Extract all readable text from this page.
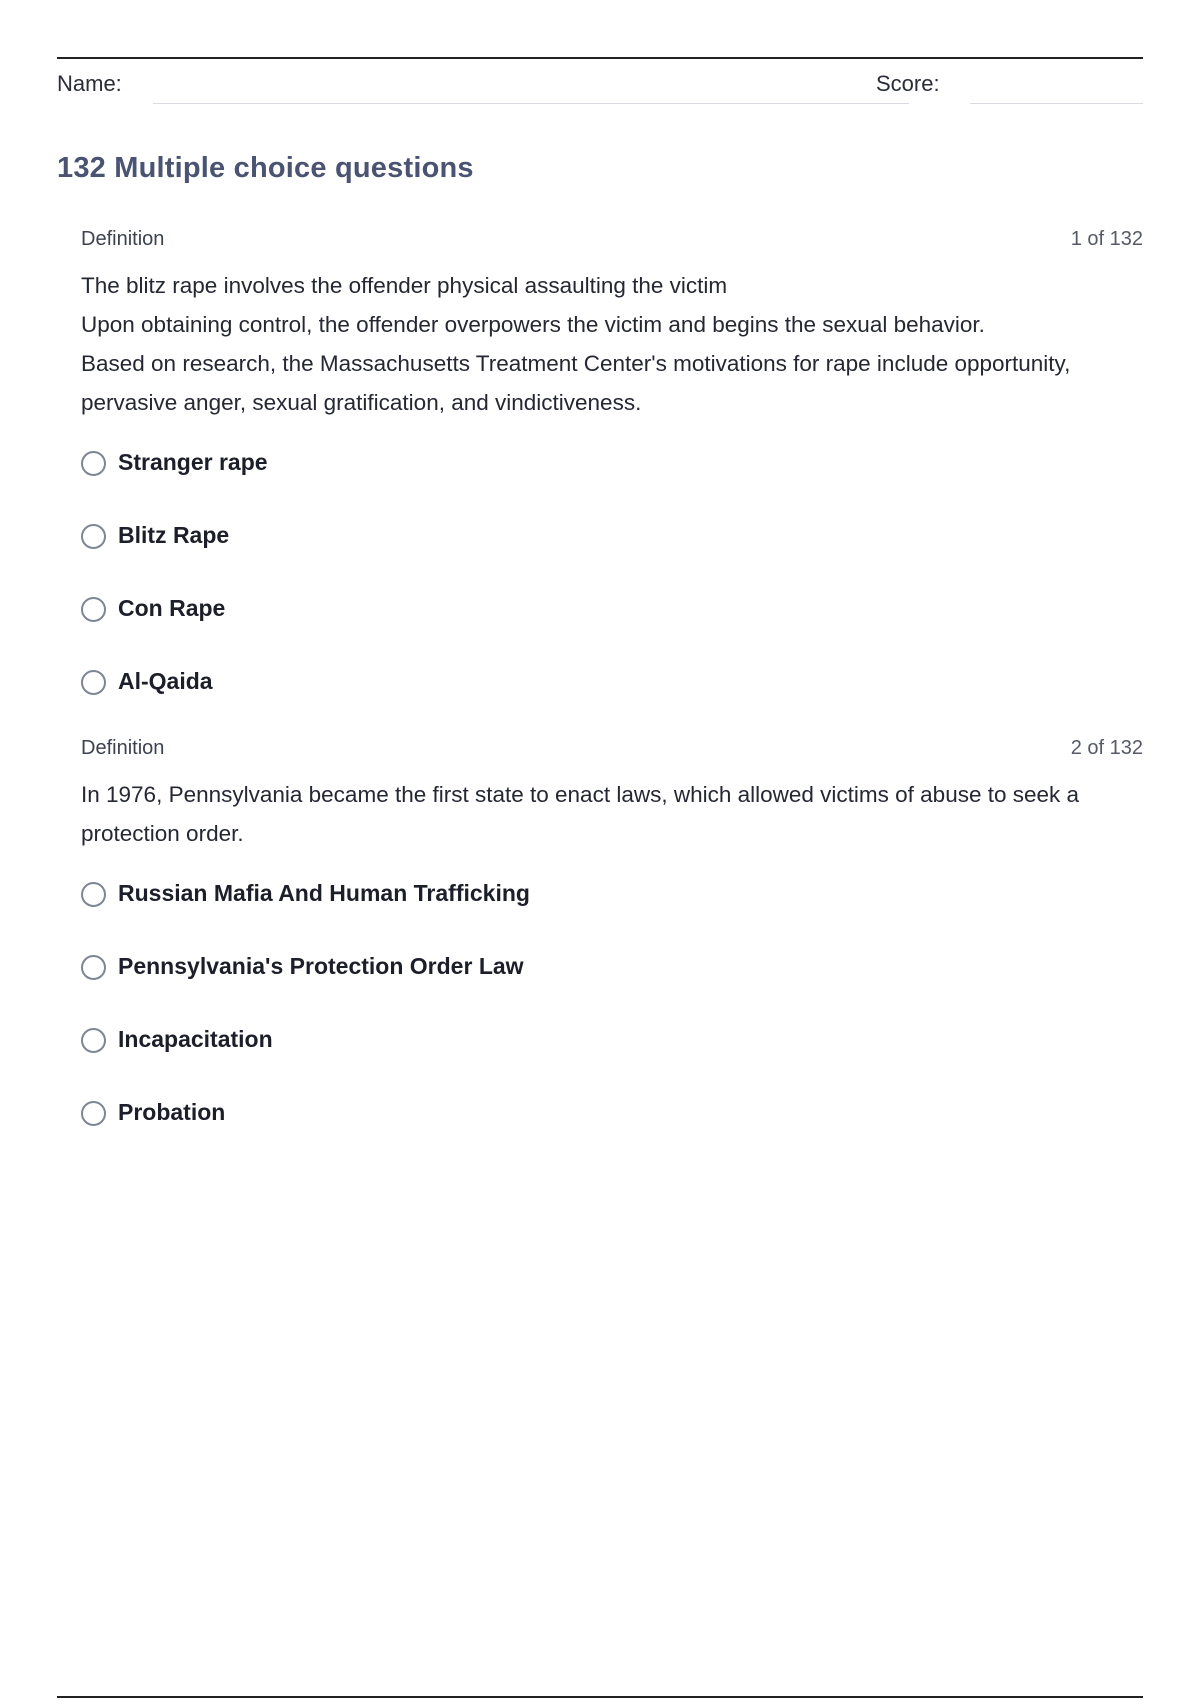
Name:	Score:
132 Multiple choice questions
Definition	1 of 132

The blitz rape involves the offender physical assaulting the victim

Upon obtaining control, the offender overpowers the victim and begins the sexual behavior.

Based on research, the Massachusetts Treatment Center's motivations for rape include opportunity, pervasive anger, sexual gratification, and vindictiveness.

Stranger rape
Blitz Rape
Con Rape
Al-Qaida
Definition	2 of 132

In 1976, Pennsylvania became the first state to enact laws, which allowed victims of abuse to seek a protection order.

Russian Mafia And Human Trafficking
Pennsylvania's Protection Order Law
Incapacitation
Probation
